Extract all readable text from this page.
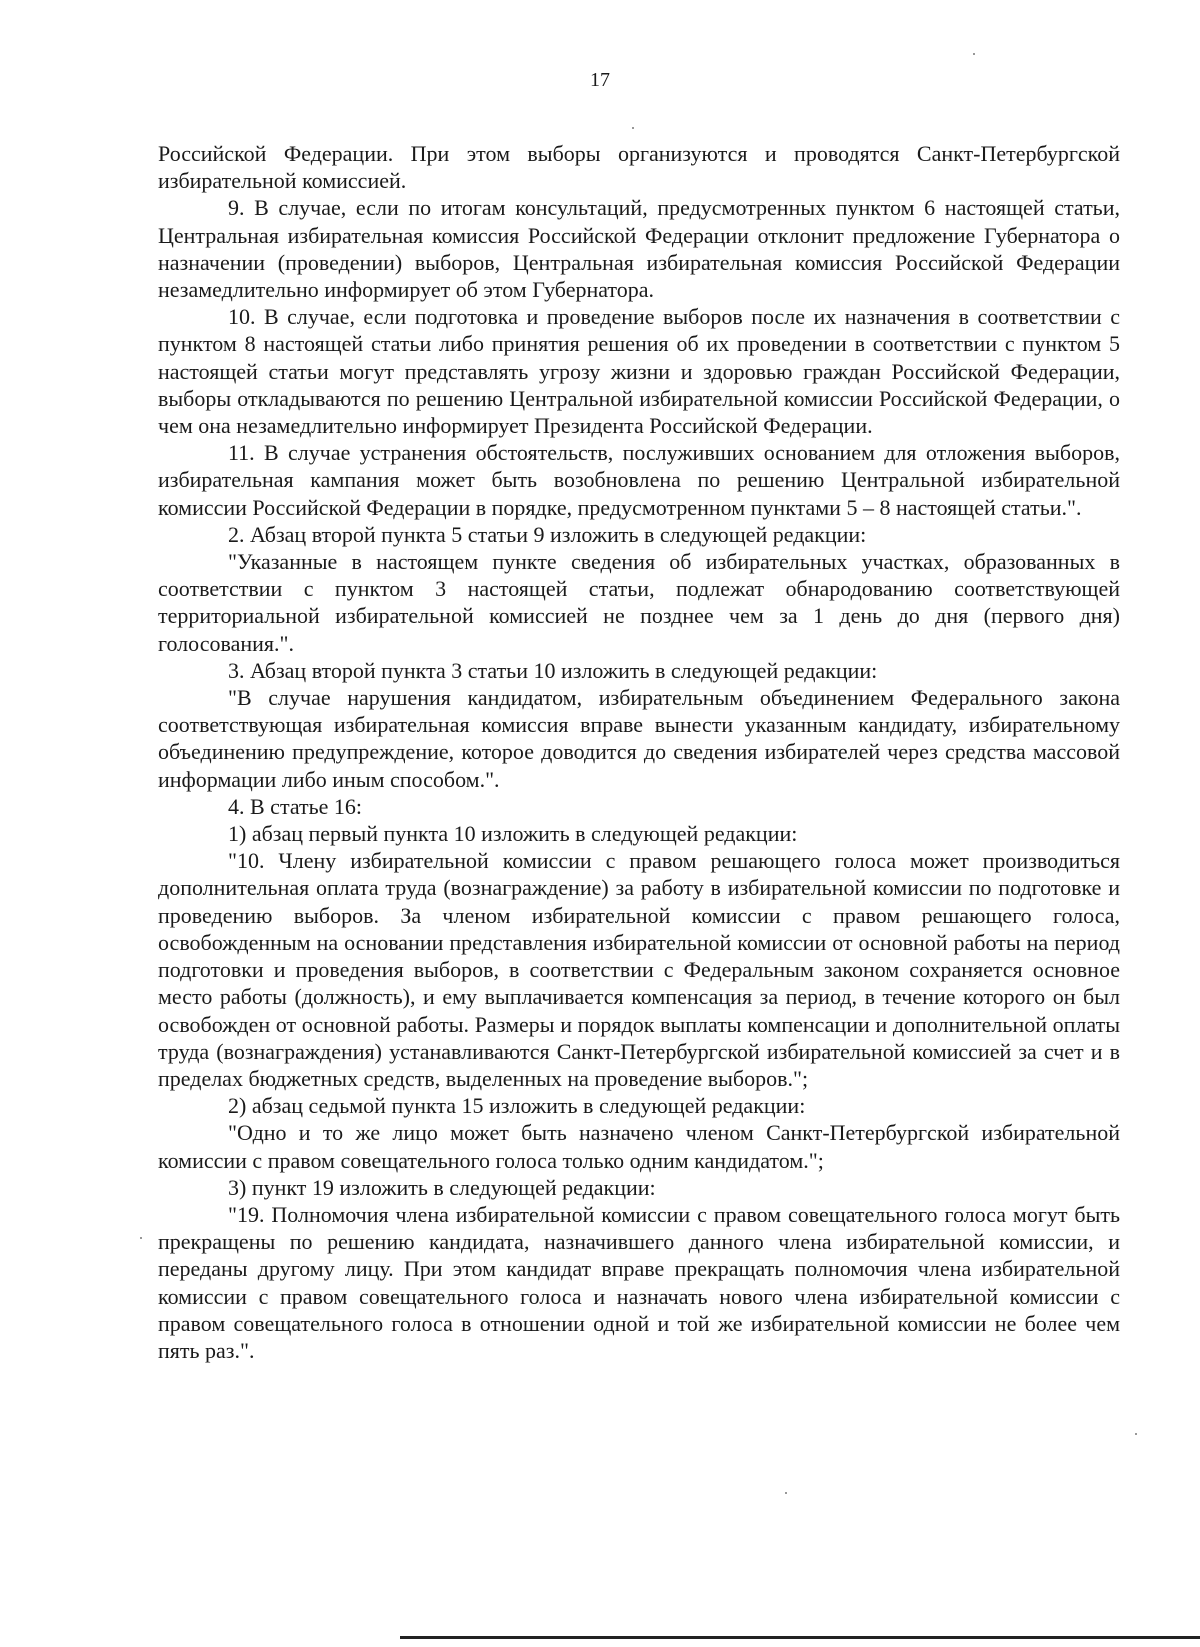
17

Российской Федерации. При этом выборы организуются и проводятся Санкт-Петербургской избирательной комиссией.

9. В случае, если по итогам консультаций, предусмотренных пунктом 6 настоящей статьи, Центральная избирательная комиссия Российской Федерации отклонит предложение Губернатора о назначении (проведении) выборов, Центральная избирательная комиссия Российской Федерации незамедлительно информирует об этом Губернатора.

10. В случае, если подготовка и проведение выборов после их назначения в соответствии с пунктом 8 настоящей статьи либо принятия решения об их проведении в соответствии с пунктом 5 настоящей статьи могут представлять угрозу жизни и здоровью граждан Российской Федерации, выборы откладываются по решению Центральной избирательной комиссии Российской Федерации, о чем она незамедлительно информирует Президента Российской Федерации.

11. В случае устранения обстоятельств, послуживших основанием для отложения выборов, избирательная кампания может быть возобновлена по решению Центральной избирательной комиссии Российской Федерации в порядке, предусмотренном пунктами 5 – 8 настоящей статьи.".

2. Абзац второй пункта 5 статьи 9 изложить в следующей редакции:

"Указанные в настоящем пункте сведения об избирательных участках, образованных в соответствии с пунктом 3 настоящей статьи, подлежат обнародованию соответствующей территориальной избирательной комиссией не позднее чем за 1 день до дня (первого дня) голосования.".

3. Абзац второй пункта 3 статьи 10 изложить в следующей редакции:

"В случае нарушения кандидатом, избирательным объединением Федерального закона соответствующая избирательная комиссия вправе вынести указанным кандидату, избирательному объединению предупреждение, которое доводится до сведения избирателей через средства массовой информации либо иным способом.".

4. В статье 16:

1) абзац первый пункта 10 изложить в следующей редакции:

"10. Члену избирательной комиссии с правом решающего голоса может производиться дополнительная оплата труда (вознаграждение) за работу в избирательной комиссии по подготовке и проведению выборов. За членом избирательной комиссии с правом решающего голоса, освобожденным на основании представления избирательной комиссии от основной работы на период подготовки и проведения выборов, в соответствии с Федеральным законом сохраняется основное место работы (должность), и ему выплачивается компенсация за период, в течение которого он был освобожден от основной работы. Размеры и порядок выплаты компенсации и дополнительной оплаты труда (вознаграждения) устанавливаются Санкт-Петербургской избирательной комиссией за счет и в пределах бюджетных средств, выделенных на проведение выборов.";

2) абзац седьмой пункта 15 изложить в следующей редакции:

"Одно и то же лицо может быть назначено членом Санкт-Петербургской избирательной комиссии с правом совещательного голоса только одним кандидатом.";

3) пункт 19 изложить в следующей редакции:

"19. Полномочия члена избирательной комиссии с правом совещательного голоса могут быть прекращены по решению кандидата, назначившего данного члена избирательной комиссии, и переданы другому лицу. При этом кандидат вправе прекращать полномочия члена избирательной комиссии с правом совещательного голоса и назначать нового члена избирательной комиссии с правом совещательного голоса в отношении одной и той же избирательной комиссии не более чем пять раз.".
